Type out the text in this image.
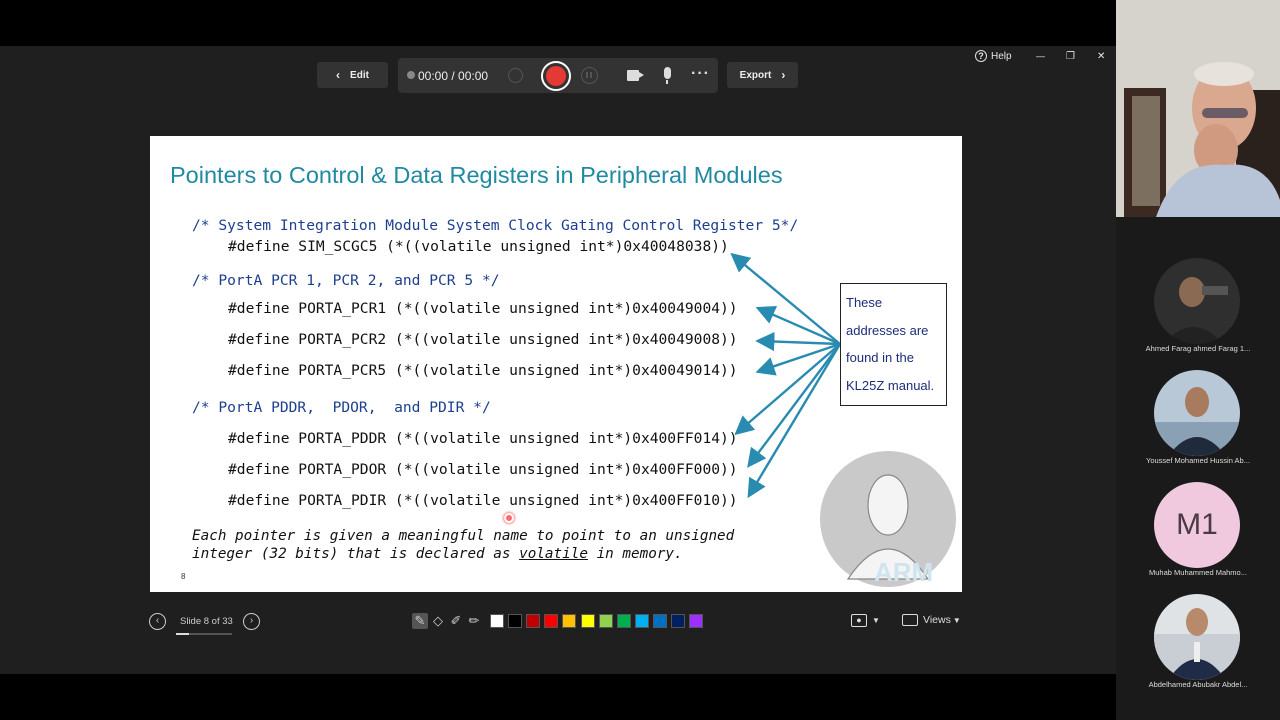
? Help	— ❐ ✕
‹ Edit	00:00 / 00:00	···	Export ›
Pointers to Control & Data Registers in Peripheral Modules
/* System Integration Module System Clock Gating Control Register 5*/
#define SIM_SCGC5 (*((volatile unsigned int*)0x40048038))
/* PortA PCR 1, PCR 2, and PCR 5 */
#define PORTA_PCR1 (*((volatile unsigned int*)0x40049004))
#define PORTA_PCR2 (*((volatile unsigned int*)0x40049008))
#define PORTA_PCR5 (*((volatile unsigned int*)0x40049014))
/* PortA PDDR,  PDOR,  and PDIR */
#define PORTA_PDDR (*((volatile unsigned int*)0x400FF014))
#define PORTA_PDOR (*((volatile unsigned int*)0x400FF000))
#define PORTA_PDIR (*((volatile unsigned int*)0x400FF010))
Each pointer is given a meaningful name to point to an unsigned
integer (32 bits) that is declared as volatile in memory.
These
addresses are
found in the
KL25Z manual.
ARM
8
‹	Slide 8 of 33	›	✎ ◇ ✐ ✏	●	▼	Views ▼
Ahmed Farag ahmed Farag 1...
Youssef Mohamed Hussin Ab...
M1
Muhab Muhammed Mahmo...
Abdelhamed Abubakr Abdel...
